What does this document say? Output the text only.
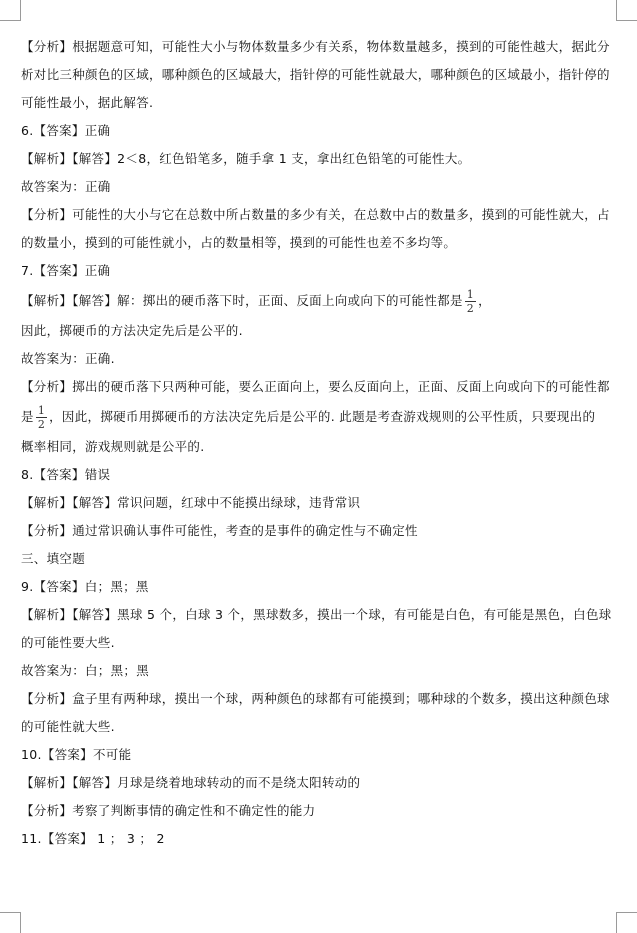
【分析】根据题意可知，可能性大小与物体数量多少有关系，物体数量越多，摸到的可能性越大，据此分
析对比三种颜色的区域，哪种颜色的区域最大，指针停的可能性就最大，哪种颜色的区域最小，指针停的
可能性最小，据此解答.
6.【答案】正确
【解析】【解答】2＜8，红色铅笔多，随手拿 1 支，拿出红色铅笔的可能性大。
故答案为：正确
【分析】可能性的大小与它在总数中所占数量的多少有关，在总数中占的数量多，摸到的可能性就大，占
的数量小，摸到的可能性就小，占的数量相等，摸到的可能性也差不多均等。
7.【答案】正确
【解析】【解答】解：掷出的硬币落下时，正面、反面上向或向下的可能性都是 $\frac{1}{2}$ ，
因此，掷硬币的方法决定先后是公平的.
故答案为：正确.
【分析】掷出的硬币落下只两种可能，要么正面向上，要么反面向上，正面、反面上向或向下的可能性都
是 $\frac{1}{2}$ ，因此，掷硬币用掷硬币的方法决定先后是公平的. 此题是考查游戏规则的公平性质，只要现出的
概率相同，游戏规则就是公平的.
8.【答案】错误
【解析】【解答】常识问题，红球中不能摸出绿球，违背常识
【分析】通过常识确认事件可能性，考查的是事件的确定性与不确定性
三、填空题
9.【答案】白；黑；黑
【解析】【解答】黑球 5 个，白球 3 个，黑球数多，摸出一个球，有可能是白色，有可能是黑色，白色球
的可能性要大些.
故答案为：白；黑；黑
【分析】盒子里有两种球，摸出一个球，两种颜色的球都有可能摸到；哪种球的个数多，摸出这种颜色球
的可能性就大些.
10.【答案】不可能
【解析】【解答】月球是绕着地球转动的而不是绕太阳转动的
【分析】考察了判断事情的确定性和不确定性的能力
11.【答案】 1 ； 3 ； 2
